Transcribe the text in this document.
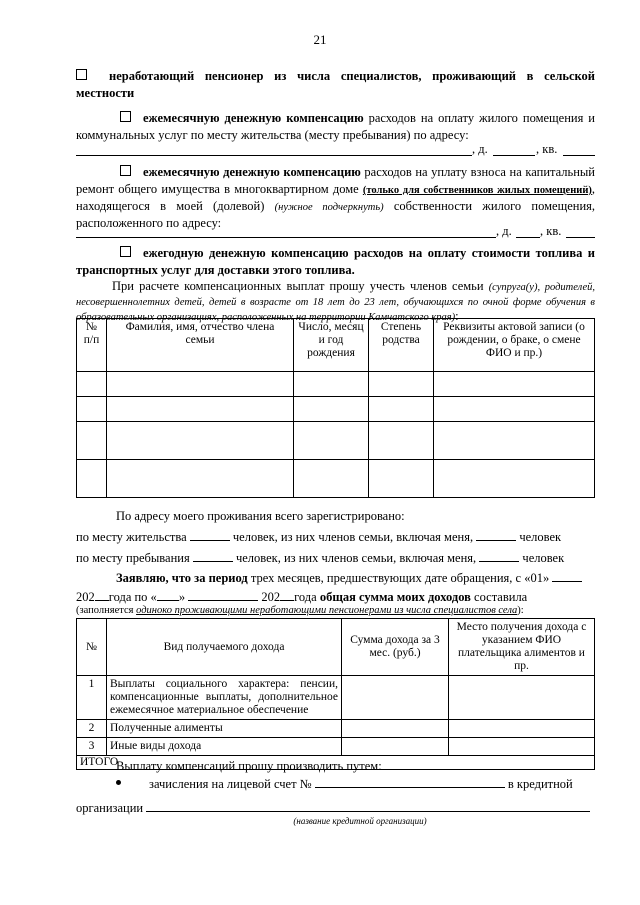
21
неработающий пенсионер из числа специалистов, проживающий в сельской местности
ежемесячную денежную компенсацию расходов на оплату жилого помещения и коммунальных услуг по месту жительства (месту пребывания) по адресу:
, д.	, кв.
ежемесячную денежную компенсацию расходов на уплату взноса на капитальный ремонт общего имущества в многоквартирном доме (только для собственников жилых помещений), находящегося в моей (долевой) (нужное подчеркнуть) собственности жилого помещения, расположенного по адресу:
, д. , кв.
ежегодную денежную компенсацию расходов на оплату стоимости топлива и транспортных услуг для доставки этого топлива.
При расчете компенсационных выплат прошу учесть членов семьи (супруга(у), родителей, несовершеннолетних детей, детей в возрасте от 18 лет до 23 лет, обучающихся по очной форме обучения в образовательных организациях, расположенных на территории Камчатского края):
№ п/п	Фамилия, имя, отчество члена семьи	Число, месяц и год рождения	Степень родства	Реквизиты актовой записи (о рождении, о браке, о смене ФИО и пр.)

По адресу моего проживания всего зарегистрировано:
по месту жительства	человек, из них членов семьи, включая меня,	человек
по месту пребывания	человек, из них членов семьи, включая меня,	человек
Заявляю, что за период трех месяцев, предшествующих дате обращения, с «01»
202 года по « »	202 года общая сумма моих доходов составила
(заполняется одиноко проживающими неработающими пенсионерами из числа специалистов села):
№	Вид получаемого дохода	Сумма дохода за 3 мес. (руб.)	Место получения дохода с указанием ФИО плательщика алиментов и пр.
1	Выплаты социального характера: пенсии, компенсационные выплаты, дополнительное ежемесячное материальное обеспечение		
2	Полученные алименты		
3	Иные виды дохода		
ИТОГО			
Выплату компенсаций прошу производить путем:
зачисления на лицевой счет №	в кредитной
организации
(название кредитной организации)
